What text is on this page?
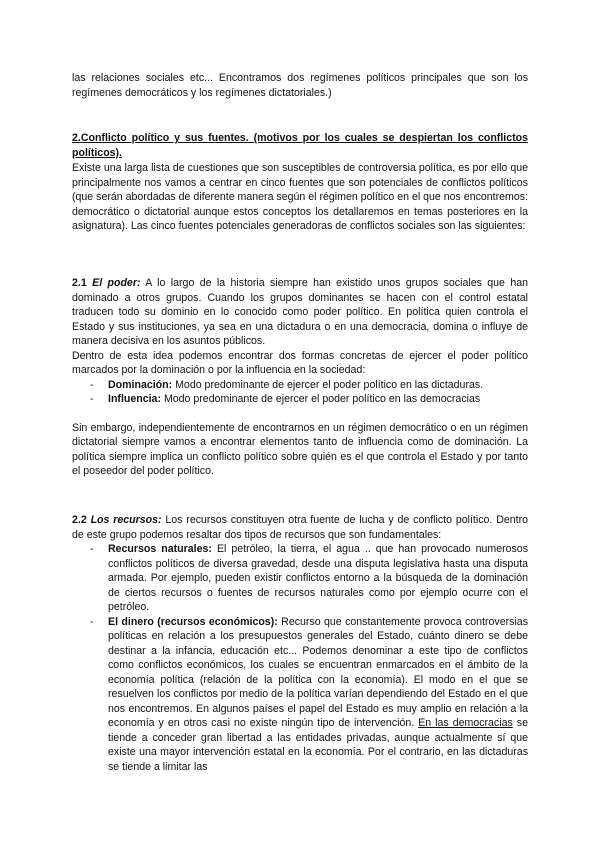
las relaciones sociales etc... Encontramos dos regímenes políticos principales que son los regímenes democráticos y los regímenes dictatoriales.)

2.Conflicto político y sus fuentes. (motivos por los cuales se despiertan los conflictos políticos).

Existe una larga lista de cuestiones que son susceptibles de controversia política, es por ello que principalmente nos vamos a centrar en cinco fuentes que son potenciales de conflictos políticos (que serán abordadas de diferente manera según el régimen político en el que nos encontremos: democrático o dictatorial aunque estos conceptos los detallaremos en temas posteriores en la asignatura). Las cinco fuentes potenciales generadoras de conflictos sociales son las siguientes:

2.1 El poder: A lo largo de la historia siempre han existido unos grupos sociales que han dominado a otros grupos. Cuando los grupos dominantes se hacen con el control estatal traducen todo su dominio en lo conocido como poder político. En política quien controla el Estado y sus instituciones, ya sea en una dictadura o en una democracia, domina o influye de manera decisiva en los asuntos públicos.

Dentro de esta idea podemos encontrar dos formas concretas de ejercer el poder político marcados por la dominación o por la influencia en la sociedad:

- Dominación: Modo predominante de ejercer el poder político en las dictaduras.
- Influencia: Modo predominante de ejercer el poder político en las democracias

Sin embargo, independientemente de encontrarnos en un régimen democrático o en un régimen dictatorial siempre vamos a encontrar elementos tanto de influencia como de dominación. La política siempre implica un conflicto político sobre quién es el que controla el Estado y por tanto el poseedor del poder político.

2.2 Los recursos: Los recursos constituyen otra fuente de lucha y de conflicto político. Dentro de este grupo podemos resaltar dos tipos de recursos que son fundamentales:

- Recursos naturales: El petróleo, la tierra, el agua .. que han provocado numerosos conflictos políticos de diversa gravedad, desde una disputa legislativa hasta una disputa armada. Por ejemplo, pueden existir conflictos entorno a la búsqueda de la dominación de ciertos recursos o fuentes de recursos naturales como por ejemplo ocurre con el petróleo.
- El dinero (recursos económicos): Recurso que constantemente provoca controversias políticas en relación a los presupuestos generales del Estado, cuánto dinero se debe destinar a la infancia, educación etc... Podemos denominar a este tipo de conflictos como conflictos económicos, los cuales se encuentran enmarcados en el ámbito de la economía política (relación de la política con la economía). El modo en el que se resuelven los conflictos por medio de la política varían dependiendo del Estado en el que nos encontremos. En algunos países el papel del Estado es muy amplio en relación a la economía y en otros casi no existe ningún tipo de intervención. En las democracias se tiende a conceder gran libertad a las entidades privadas, aunque actualmente sí que existe una mayor intervención estatal en la economía. Por el contrario, en las dictaduras se tiende a limitar las
